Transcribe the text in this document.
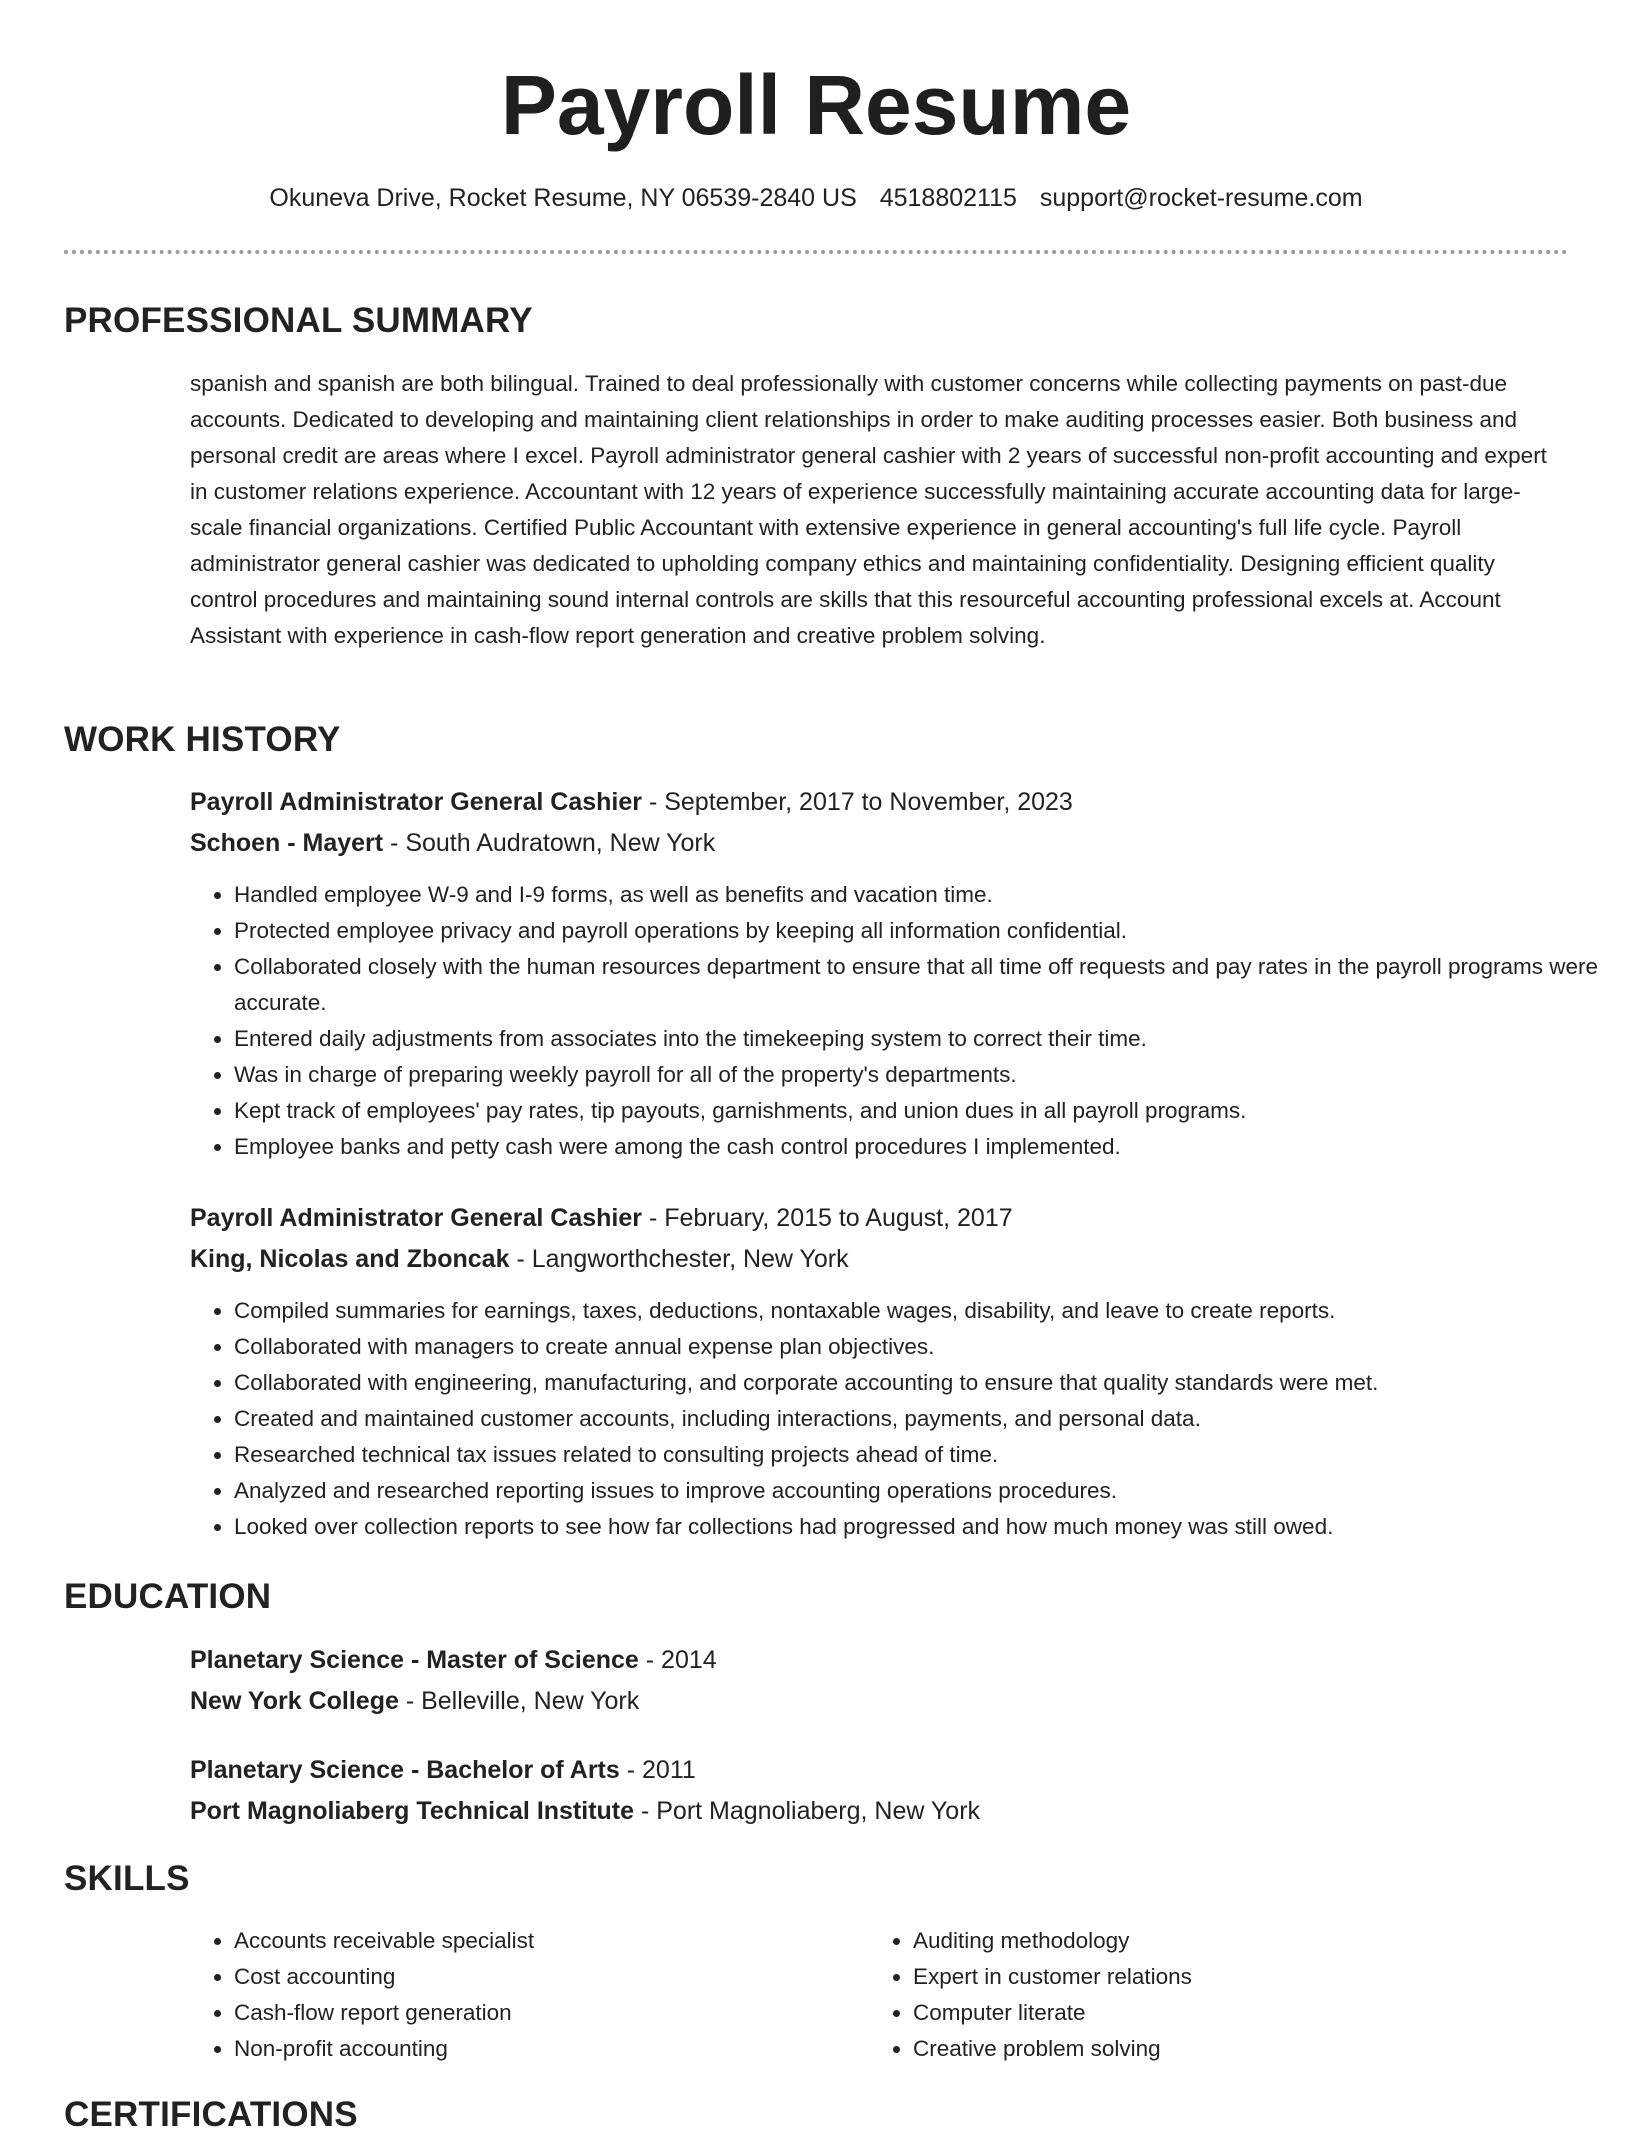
Payroll Resume
Okuneva Drive, Rocket Resume, NY 06539-2840 US 4518802115 support@rocket-resume.com
PROFESSIONAL SUMMARY

spanish and spanish are both bilingual. Trained to deal professionally with customer concerns while collecting payments on past-due accounts. Dedicated to developing and maintaining client relationships in order to make auditing processes easier. Both business and personal credit are areas where I excel. Payroll administrator general cashier with 2 years of successful non-profit accounting and expert in customer relations experience. Accountant with 12 years of experience successfully maintaining accurate accounting data for large-scale financial organizations. Certified Public Accountant with extensive experience in general accounting's full life cycle. Payroll administrator general cashier was dedicated to upholding company ethics and maintaining confidentiality. Designing efficient quality control procedures and maintaining sound internal controls are skills that this resourceful accounting professional excels at. Account Assistant with experience in cash-flow report generation and creative problem solving.

WORK HISTORY
Payroll Administrator General Cashier - September, 2017 to November, 2023
Schoen - Mayert - South Audratown, New York
• Handled employee W-9 and I-9 forms, as well as benefits and vacation time.
• Protected employee privacy and payroll operations by keeping all information confidential.
• Collaborated closely with the human resources department to ensure that all time off requests and pay rates in the payroll programs were accurate.
• Entered daily adjustments from associates into the timekeeping system to correct their time.
• Was in charge of preparing weekly payroll for all of the property's departments.
• Kept track of employees' pay rates, tip payouts, garnishments, and union dues in all payroll programs.
• Employee banks and petty cash were among the cash control procedures I implemented.
Payroll Administrator General Cashier - February, 2015 to August, 2017
King, Nicolas and Zboncak - Langworthchester, New York
• Compiled summaries for earnings, taxes, deductions, nontaxable wages, disability, and leave to create reports.
• Collaborated with managers to create annual expense plan objectives.
• Collaborated with engineering, manufacturing, and corporate accounting to ensure that quality standards were met.
• Created and maintained customer accounts, including interactions, payments, and personal data.
• Researched technical tax issues related to consulting projects ahead of time.
• Analyzed and researched reporting issues to improve accounting operations procedures.
• Looked over collection reports to see how far collections had progressed and how much money was still owed.
EDUCATION
Planetary Science - Master of Science - 2014
New York College - Belleville, New York
Planetary Science - Bachelor of Arts - 2011
Port Magnoliaberg Technical Institute - Port Magnoliaberg, New York
SKILLS
• Accounts receivable specialist
• Cost accounting
• Cash-flow report generation
• Non-profit accounting
• Auditing methodology
• Expert in customer relations
• Computer literate
• Creative problem solving
CERTIFICATIONS
